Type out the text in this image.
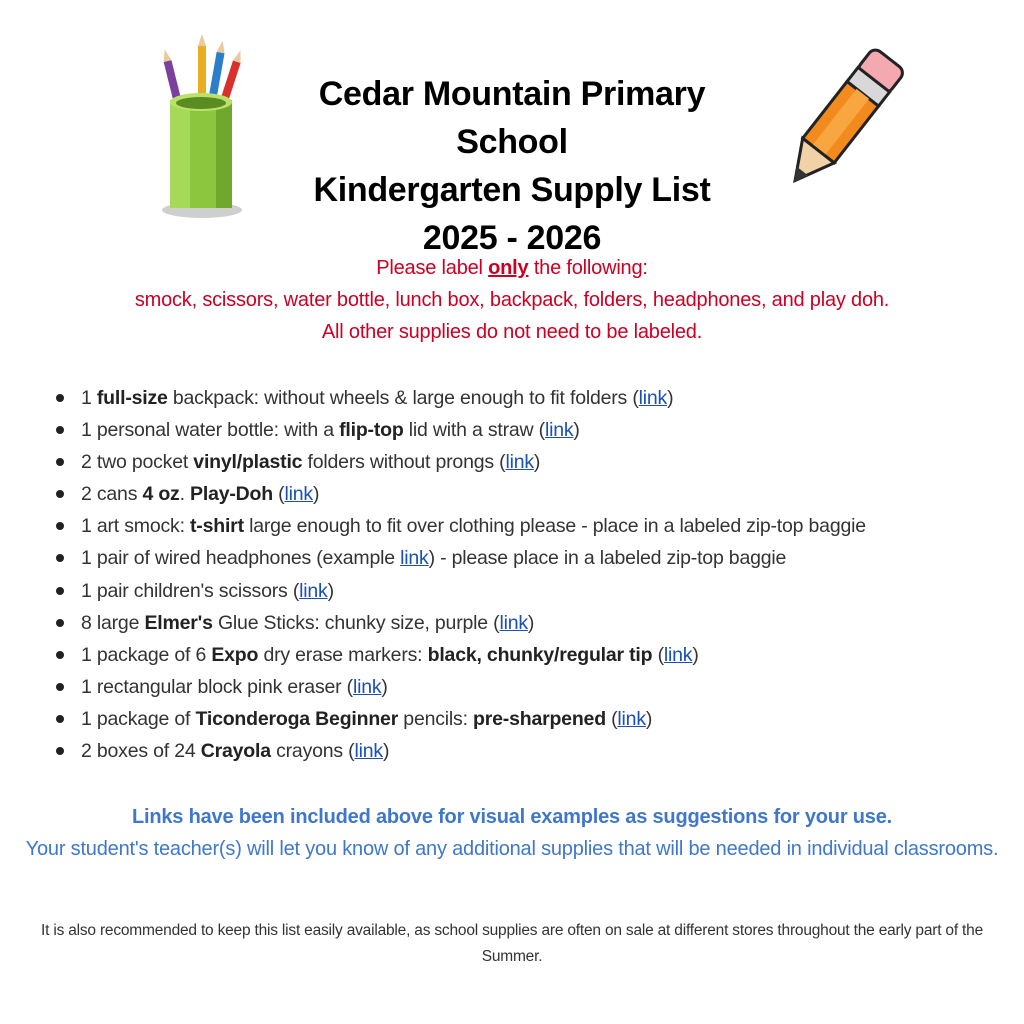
Cedar Mountain Primary School
Kindergarten Supply List
2025 - 2026
Please label only the following:
smock, scissors, water bottle, lunch box, backpack, folders, headphones, and play doh.
All other supplies do not need to be labeled.
1 full-size backpack: without wheels & large enough to fit folders (link)
1 personal water bottle: with a flip-top lid with a straw (link)
2 two pocket vinyl/plastic folders without prongs (link)
2 cans 4 oz. Play-Doh (link)
1 art smock: t-shirt large enough to fit over clothing please - place in a labeled zip-top baggie
1 pair of wired headphones (example link) - please place in a labeled zip-top baggie
1 pair children's scissors (link)
8 large Elmer's Glue Sticks: chunky size, purple (link)
1 package of 6 Expo dry erase markers: black, chunky/regular tip (link)
1 rectangular block pink eraser (link)
1 package of Ticonderoga Beginner pencils: pre-sharpened (link)
2 boxes of 24 Crayola crayons (link)
Links have been included above for visual examples as suggestions for your use.
Your student's teacher(s) will let you know of any additional supplies that will be needed in individual classrooms.
It is also recommended to keep this list easily available, as school supplies are often on sale at different stores throughout the early part of the Summer.
